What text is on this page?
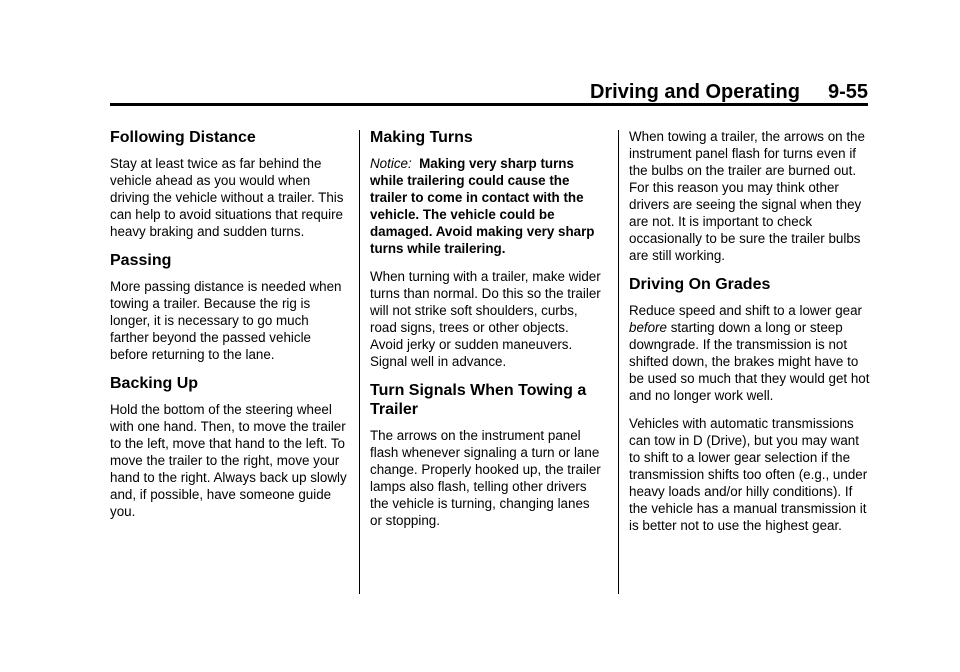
Driving and Operating 9-55
Following Distance

Stay at least twice as far behind the vehicle ahead as you would when driving the vehicle without a trailer. This can help to avoid situations that require heavy braking and sudden turns.

Passing

More passing distance is needed when towing a trailer. Because the rig is longer, it is necessary to go much farther beyond the passed vehicle before returning to the lane.

Backing Up

Hold the bottom of the steering wheel with one hand. Then, to move the trailer to the left, move that hand to the left. To move the trailer to the right, move your hand to the right. Always back up slowly and, if possible, have someone guide you.

Making Turns

Notice: Making very sharp turns while trailering could cause the trailer to come in contact with the vehicle. The vehicle could be damaged. Avoid making very sharp turns while trailering.

When turning with a trailer, make wider turns than normal. Do this so the trailer will not strike soft shoulders, curbs, road signs, trees or other objects. Avoid jerky or sudden maneuvers. Signal well in advance.

Turn Signals When Towing a Trailer

The arrows on the instrument panel flash whenever signaling a turn or lane change. Properly hooked up, the trailer lamps also flash, telling other drivers the vehicle is turning, changing lanes or stopping.

When towing a trailer, the arrows on the instrument panel flash for turns even if the bulbs on the trailer are burned out. For this reason you may think other drivers are seeing the signal when they are not. It is important to check occasionally to be sure the trailer bulbs are still working.

Driving On Grades

Reduce speed and shift to a lower gear before starting down a long or steep downgrade. If the transmission is not shifted down, the brakes might have to be used so much that they would get hot and no longer work well.

Vehicles with automatic transmissions can tow in D (Drive), but you may want to shift to a lower gear selection if the transmission shifts too often (e.g., under heavy loads and/or hilly conditions). If the vehicle has a manual transmission it is better not to use the highest gear.
